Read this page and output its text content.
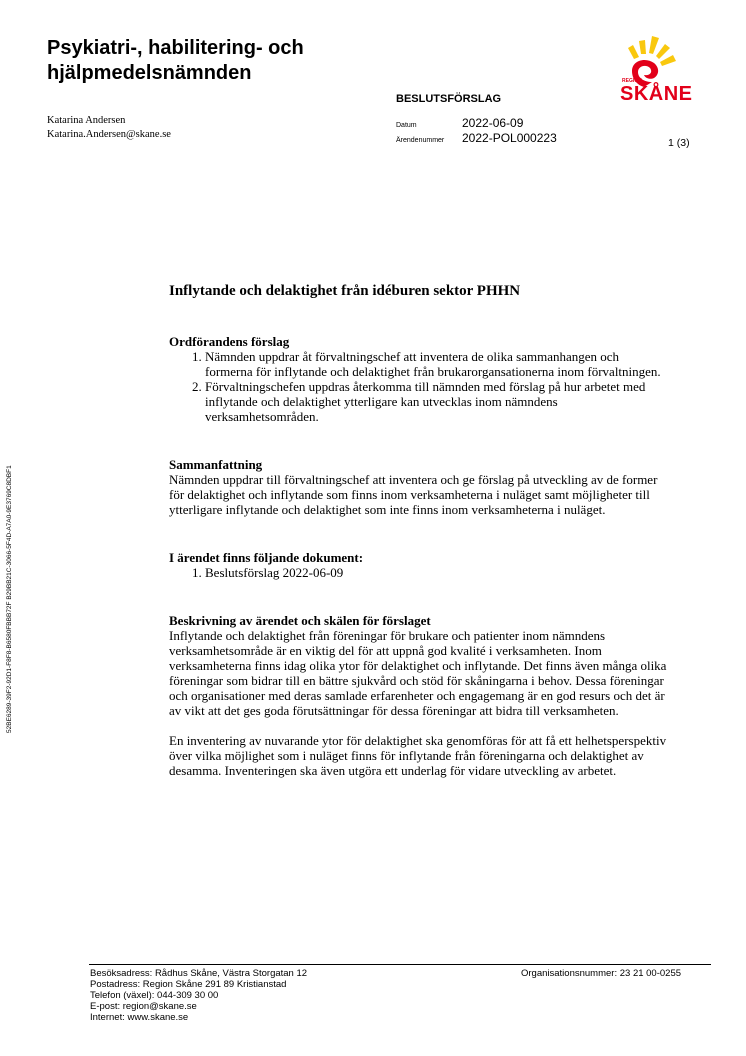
Psykiatri-, habilitering- och hjälpmedelsnämnden
BESLUTSFÖRSLAG
REGION
SKÅNE
Katarina Andersen
Katarina.Andersen@skane.se
Datum	2022-06-09
Ärendenummer	2022-POL000223	1 (3)
52BE6289-39F2-92D1-F8F8-B6580FBBB72F B29BB21C-3066-5F4D-A7A0-9E3769C8DBF1
Inflytande och delaktighet från idéburen sektor PHHN
Ordförandens förslag
1. Nämnden uppdrar åt förvaltningschef att inventera de olika sammanhangen och formerna för inflytande och delaktighet från brukarorgansationerna inom förvaltningen.
2. Förvaltningschefen uppdras återkomma till nämnden med förslag på hur arbetet med inflytande och delaktighet ytterligare kan utvecklas inom nämndens verksamhetsområden.
Sammanfattning

Nämnden uppdrar till förvaltningschef att inventera och ge förslag på utveckling av de former för delaktighet och inflytande som finns inom verksamheterna i nuläget samt möjligheter till ytterligare inflytande och delaktighet som inte finns inom verksamheterna i nuläget.

I ärendet finns följande dokument:
1. Beslutsförslag 2022-06-09
Beskrivning av ärendet och skälen för förslaget

Inflytande och delaktighet från föreningar för brukare och patienter inom nämndens verksamhetsområde är en viktig del för att uppnå god kvalité i verksamheten. Inom verksamheterna finns idag olika ytor för delaktighet och inflytande. Det finns även många olika föreningar som bidrar till en bättre sjukvård och stöd för skåningarna i behov. Dessa föreningar och organisationer med deras samlade erfarenheter och engagemang är en god resurs och det är av vikt att det ges goda förutsättningar för dessa föreningar att bidra till verksamheten.

En inventering av nuvarande ytor för delaktighet ska genomföras för att få ett helhetsperspektiv över vilka möjlighet som i nuläget finns för inflytande från föreningarna och delaktighet av desamma. Inventeringen ska även utgöra ett underlag för vidare utveckling av arbetet.

Besöksadress: Rådhus Skåne, Västra Storgatan 12
Postadress: Region Skåne 291 89 Kristianstad
Telefon (växel): 044-309 30 00
E-post: region@skane.se
Internet: www.skane.se
Organisationsnummer: 23 21 00-0255
